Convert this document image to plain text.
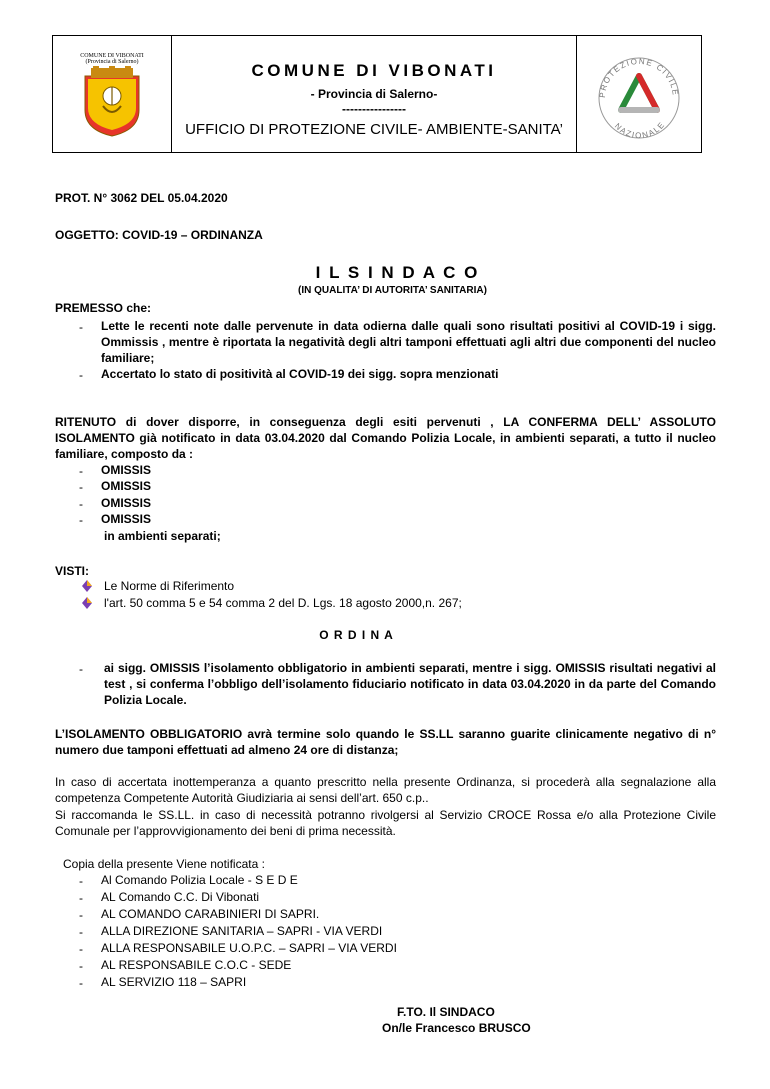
COMUNE DI VIBONATI
(Provincia di Salerno)	COMUNE DI VIBONATI
- Provincia di Salerno-
----------------
UFFICIO DI PROTEZIONE CIVILE- AMBIENTE-SANITA’
PROTEZIONE CIVILE
NAZIONALE
PROT. N° 3062 DEL 05.04.2020
OGGETTO: COVID-19 – ORDINANZA
I L S I N D A C O
(IN QUALITA’ DI AUTORITA’ SANITARIA)
PREMESSO che:
- Lette le recenti note dalle pervenute in data odierna dalle quali sono risultati positivi al COVID-19 i sigg. Ommissis , mentre è riportata la negatività degli altri tamponi effettuati agli altri due componenti del nucleo familiare;
- Accertato lo stato di positività al COVID-19 dei sigg. sopra menzionati
RITENUTO di dover disporre, in conseguenza degli esiti pervenuti , LA CONFERMA DELL’ ASSOLUTO ISOLAMENTO già notificato in data 03.04.2020 dal Comando Polizia Locale, in ambienti separati, a tutto il nucleo familiare, composto da :
- OMISSIS
- OMISSIS
- OMISSIS
- OMISSIS
in ambienti separati;
VISTI:
Le Norme di Riferimento
l'art. 50 comma 5 e 54 comma 2 del D. Lgs. 18 agosto 2000,n. 267;
O R D I N A
- ai sigg. OMISSIS l’isolamento obbligatorio in ambienti separati, mentre i sigg. OMISSIS risultati negativi al test , si conferma l’obbligo dell’isolamento fiduciario notificato in data 03.04.2020 in da parte del Comando Polizia Locale.
L’ISOLAMENTO OBBLIGATORIO avrà termine solo quando le SS.LL saranno guarite clinicamente negativo di n° numero due tamponi effettuati ad almeno 24 ore di distanza;
In caso di accertata inottemperanza a quanto prescritto nella presente Ordinanza, si procederà alla segnalazione alla competenza Competente Autorità Giudiziaria ai sensi dell’art. 650 c.p..
Si raccomanda le SS.LL. in caso di necessità potranno rivolgersi al Servizio CROCE Rossa e/o alla Protezione Civile Comunale per l’approvvigionamento dei beni di prima necessità.
Copia della presente Viene notificata :
- Al Comando Polizia Locale - S E D E
- AL Comando C.C. Di Vibonati
- AL COMANDO CARABINIERI DI SAPRI.
- ALLA DIREZIONE SANITARIA – SAPRI - VIA VERDI
- ALLA RESPONSABILE U.O.P.C. – SAPRI – VIA VERDI
- AL RESPONSABILE C.O.C - SEDE
- AL SERVIZIO 118 – SAPRI
F.TO. Il SINDACO
On/le Francesco BRUSCO
